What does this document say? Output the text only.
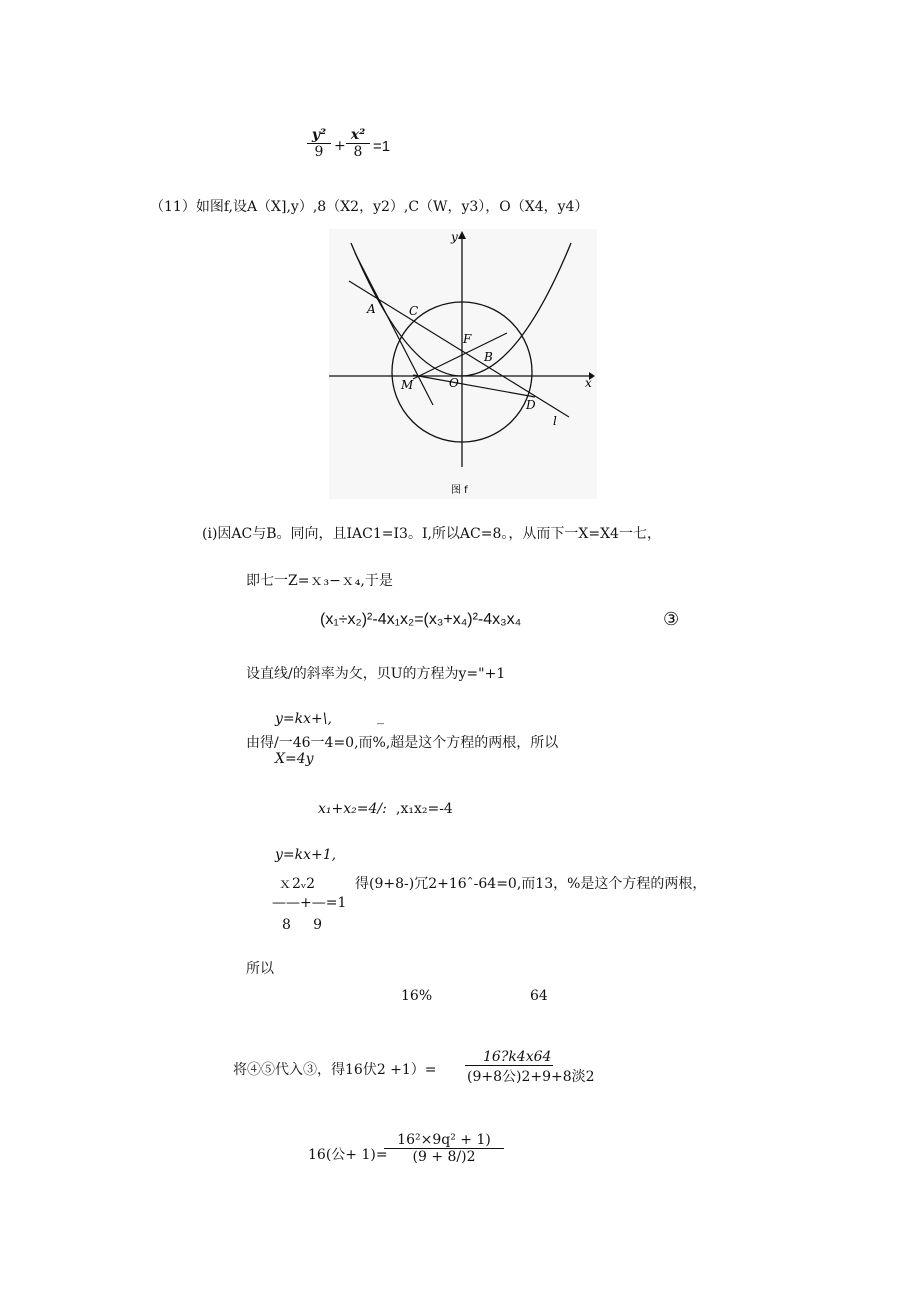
$\frac{\text{y²}}{9} + \frac{\text{x²}}{8} =1$
（11）如图f,设A（X],y）,8（X2，y2）,C（W，y3），O（X4，y4）
y
x
A	C
F
B
M	O
D
l
图 f
(i)因AC与B。同向，且IAC1=I3。I,所以AC=8。，从而下一X=X4一七，
即七一Z=ｘ₃−ｘ₄,于是
(x₁÷x₂)²-4x₁x₂=(x₃+x₄)²-4x₃x₄	③
设直线/的斜率为攵，贝U的方程为y="+1
y=kx+\,	_
由得/一46一4=0,而%,超是这个方程的两根，所以
X=4y
x₁+x₂=4/: ,x₁x₂=-4
y=kx+1,
ｘ2ᵥ2	得(9+8-)冗2+16ˆ-64=0,而13，%是这个方程的两根，
——+—=1
8     9
所以
16%	64
将④⑤代入③，得16伏2 +1）=
16?k4x64
(9+8公)2+9+8淡2
16(公+ 1)=
$\frac{\text{16²×9q² + 1)}}{(9 + 8/)2}$
